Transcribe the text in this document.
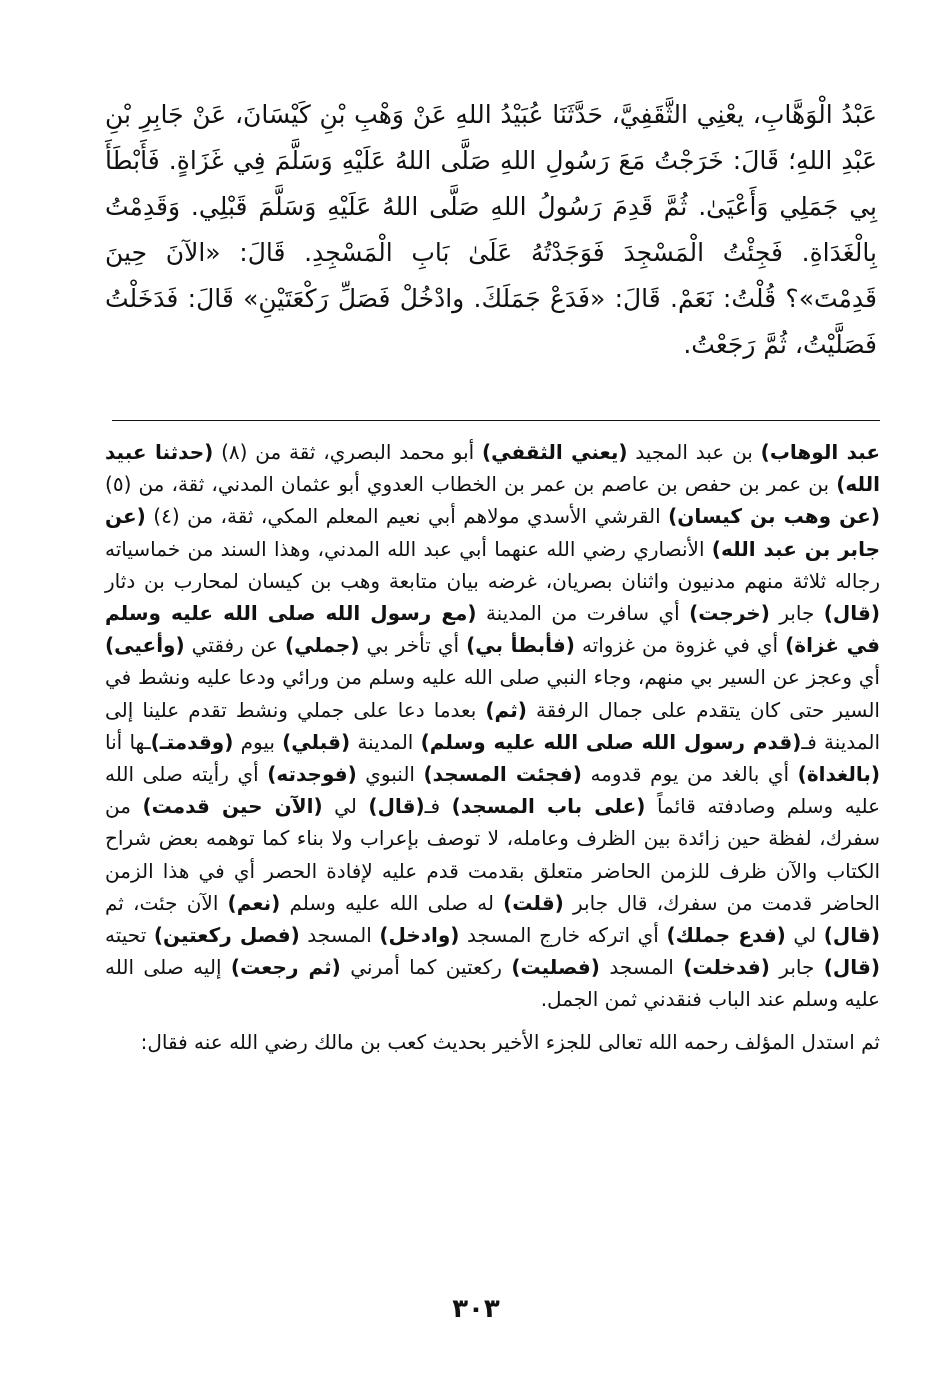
عَبْدُ الْوَهَّابِ، يعْنِي الثَّقَفِيَّ، حَدَّثَنَا عُبَيْدُ اللهِ عَنْ وَهْبِ بْنِ كَيْسَانَ، عَنْ جَابِرِ بْنِ عَبْدِ اللهِ؛ قَالَ: خَرَجْتُ مَعَ رَسُولِ اللهِ صَلَّى اللهُ عَلَيْهِ وَسَلَّمَ فِي غَزَاةٍ. فَأَبْطَأَ بِي جَمَلِي وَأَعْيَىٰ. ثُمَّ قَدِمَ رَسُولُ اللهِ صَلَّى اللهُ عَلَيْهِ وَسَلَّمَ قَبْلِي. وَقَدِمْتُ بِالْغَدَاةِ. فَجِئْتُ الْمَسْجِدَ فَوَجَدْتُهُ عَلَىٰ بَابِ الْمَسْجِدِ. قَالَ: «الآنَ حِينَ قَدِمْتَ»؟ قُلْتُ: نَعَمْ. قَالَ: «فَدَعْ جَمَلَكَ. وادْخُلْ فَصَلِّ رَكْعَتَيْنِ» قَالَ: فَدَخَلْتُ فَصَلَّيْتُ، ثُمَّ رَجَعْتُ.

عبد الوهاب) بن عبد المجيد (يعني الثقفي) أبو محمد البصري، ثقة من (٨) (حدثنا عبيد الله) بن عمر بن حفص بن عاصم بن عمر بن الخطاب العدوي أبو عثمان المدني، ثقة، من (٥) (عن وهب بن كيسان) القرشي الأسدي مولاهم أبي نعيم المعلم المكي، ثقة، من (٤) (عن جابر بن عبد الله) الأنصاري رضي الله عنهما أبي عبد الله المدني، وهذا السند من خماسياته رجاله ثلاثة منهم مدنيون واثنان بصريان، غرضه بيان متابعة وهب بن كيسان لمحارب بن دثار (قال) جابر (خرجت) أي سافرت من المدينة (مع رسول الله صلى الله عليه وسلم في غزاة) أي في غزوة من غزواته (فأبطأ بي) أي تأخر بي (جملي) عن رفقتي (وأعيى) أي وعجز عن السير بي منهم، وجاء النبي صلى الله عليه وسلم من ورائي ودعا عليه ونشط في السير حتى كان يتقدم على جمال الرفقة (ثم) بعدما دعا على جملي ونشط تقدم علينا إلى المدينة فـ(قدم رسول الله صلى الله عليه وسلم) المدينة (قبلي) بيوم (وقدمتـ)ـها أنا (بالغداة) أي بالغد من يوم قدومه (فجئت المسجد) النبوي (فوجدته) أي رأيته صلى الله عليه وسلم وصادفته قائماً (على باب المسجد) فـ(قال) لي (الآن حين قدمت) من سفرك، لفظة حين زائدة بين الظرف وعامله، لا توصف بإعراب ولا بناء كما توهمه بعض شراح الكتاب والآن ظرف للزمن الحاضر متعلق بقدمت قدم عليه لإفادة الحصر أي في هذا الزمن الحاضر قدمت من سفرك، قال جابر (قلت) له صلى الله عليه وسلم (نعم) الآن جئت، ثم (قال) لي (فدع جملك) أي اتركه خارج المسجد (وادخل) المسجد (فصل ركعتين) تحيته (قال) جابر (فدخلت) المسجد (فصليت) ركعتين كما أمرني (ثم رجعت) إليه صلى الله عليه وسلم عند الباب فنقدني ثمن الجمل.

ثم استدل المؤلف رحمه الله تعالى للجزء الأخير بحديث كعب بن مالك رضي الله عنه فقال:

٣٠٣
